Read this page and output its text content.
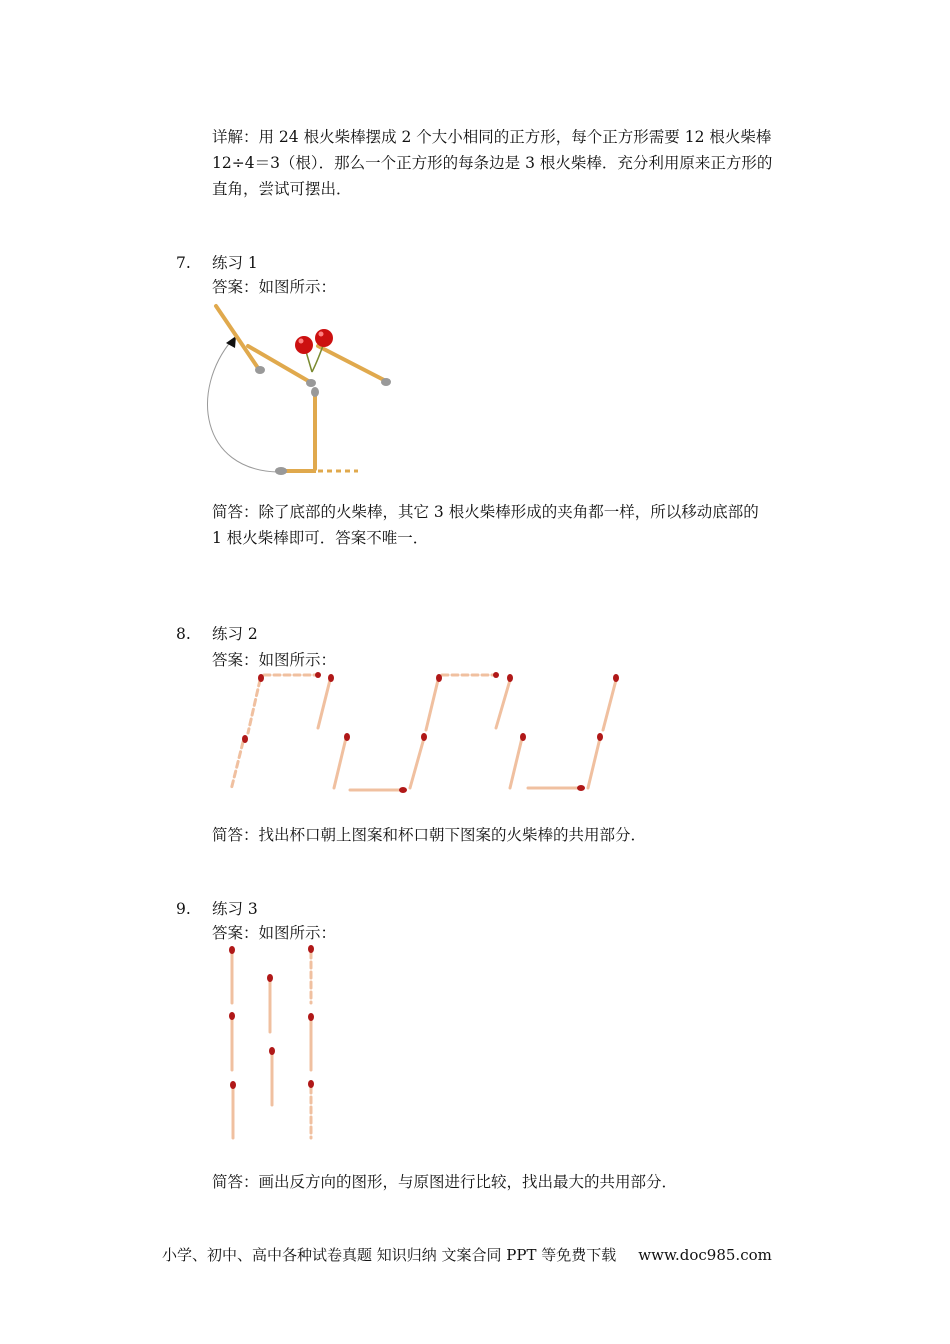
详解：用 24 根火柴棒摆成 2 个大小相同的正方形，每个正方形需要 12 根火柴棒
12÷4＝3（根）．那么一个正方形的每条边是 3 根火柴棒．充分利用原来正方形的
直角，尝试可摆出．
7. 练习 1
答案：如图所示：
简答：除了底部的火柴棒，其它 3 根火柴棒形成的夹角都一样，所以移动底部的
1 根火柴棒即可．答案不唯一．
8. 练习 2
答案：如图所示：
简答：找出杯口朝上图案和杯口朝下图案的火柴棒的共用部分．
9. 练习 3
答案：如图所示：
简答：画出反方向的图形，与原图进行比较，找出最大的共用部分．
小学、初中、高中各种试卷真题 知识归纳 文案合同 PPT 等免费下载 www.doc985.com
